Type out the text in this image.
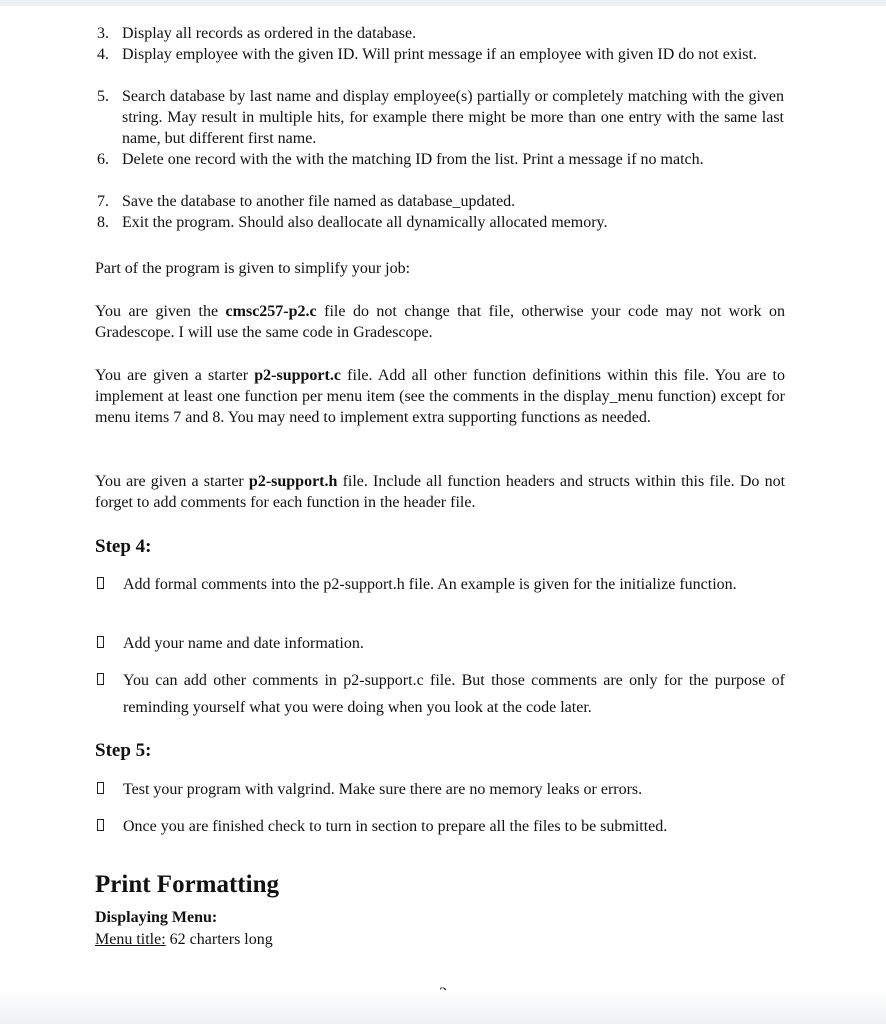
3. Display all records as ordered in the database.
4. Display employee with the given ID. Will print message if an employee with given ID do not exist.
5. Search database by last name and display employee(s) partially or completely matching with the given string. May result in multiple hits, for example there might be more than one entry with the same last name, but different first name.
6. Delete one record with the with the matching ID from the list. Print a message if no match.
7. Save the database to another file named as database_updated.
8. Exit the program. Should also deallocate all dynamically allocated memory.
Part of the program is given to simplify your job:
You are given the cmsc257-p2.c file do not change that file, otherwise your code may not work on Gradescope. I will use the same code in Gradescope.
You are given a starter p2-support.c file. Add all other function definitions within this file. You are to implement at least one function per menu item (see the comments in the display_menu function) except for menu items 7 and 8. You may need to implement extra supporting functions as needed.
You are given a starter p2-support.h file. Include all function headers and structs within this file. Do not forget to add comments for each function in the header file.
Step 4:
Add formal comments into the p2-support.h file. An example is given for the initialize function.
Add your name and date information.
You can add other comments in p2-support.c file. But those comments are only for the purpose of reminding yourself what you were doing when you look at the code later.
Step 5:
Test your program with valgrind. Make sure there are no memory leaks or errors.
Once you are finished check to turn in section to prepare all the files to be submitted.
Print Formatting
Displaying Menu:
Menu title: 62 charters long
